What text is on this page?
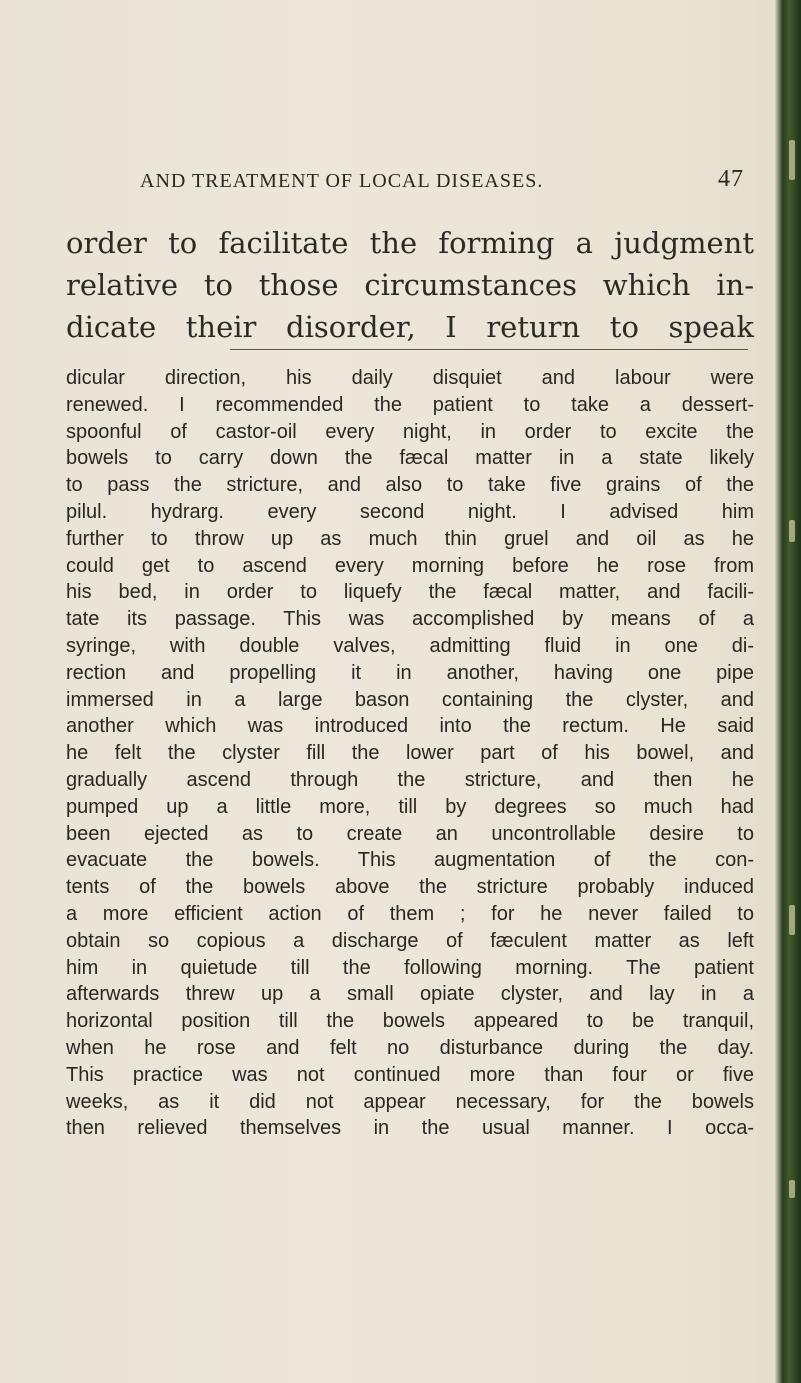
AND TREATMENT OF LOCAL DISEASES.	47

order to facilitate the forming a judgment
relative to those circumstances which in-
dicate their disorder, I return to speak

dicular direction, his daily disquiet and labour were
renewed. I recommended the patient to take a dessert-
spoonful of castor-oil every night, in order to excite the
bowels to carry down the fæcal matter in a state likely
to pass the stricture, and also to take five grains of the
pilul. hydrarg. every second night. I advised him
further to throw up as much thin gruel and oil as he
could get to ascend every morning before he rose from
his bed, in order to liquefy the fæcal matter, and facili-
tate its passage. This was accomplished by means of a
syringe, with double valves, admitting fluid in one di-
rection and propelling it in another, having one pipe
immersed in a large bason containing the clyster, and
another which was introduced into the rectum. He said
he felt the clyster fill the lower part of his bowel, and
gradually ascend through the stricture, and then he
pumped up a little more, till by degrees so much had
been ejected as to create an uncontrollable desire to
evacuate the bowels. This augmentation of the con-
tents of the bowels above the stricture probably induced
a more efficient action of them ; for he never failed to
obtain so copious a discharge of fæculent matter as left
him in quietude till the following morning. The patient
afterwards threw up a small opiate clyster, and lay in a
horizontal position till the bowels appeared to be tranquil,
when he rose and felt no disturbance during the day.
This practice was not continued more than four or five
weeks, as it did not appear necessary, for the bowels
then relieved themselves in the usual manner. I occa-
